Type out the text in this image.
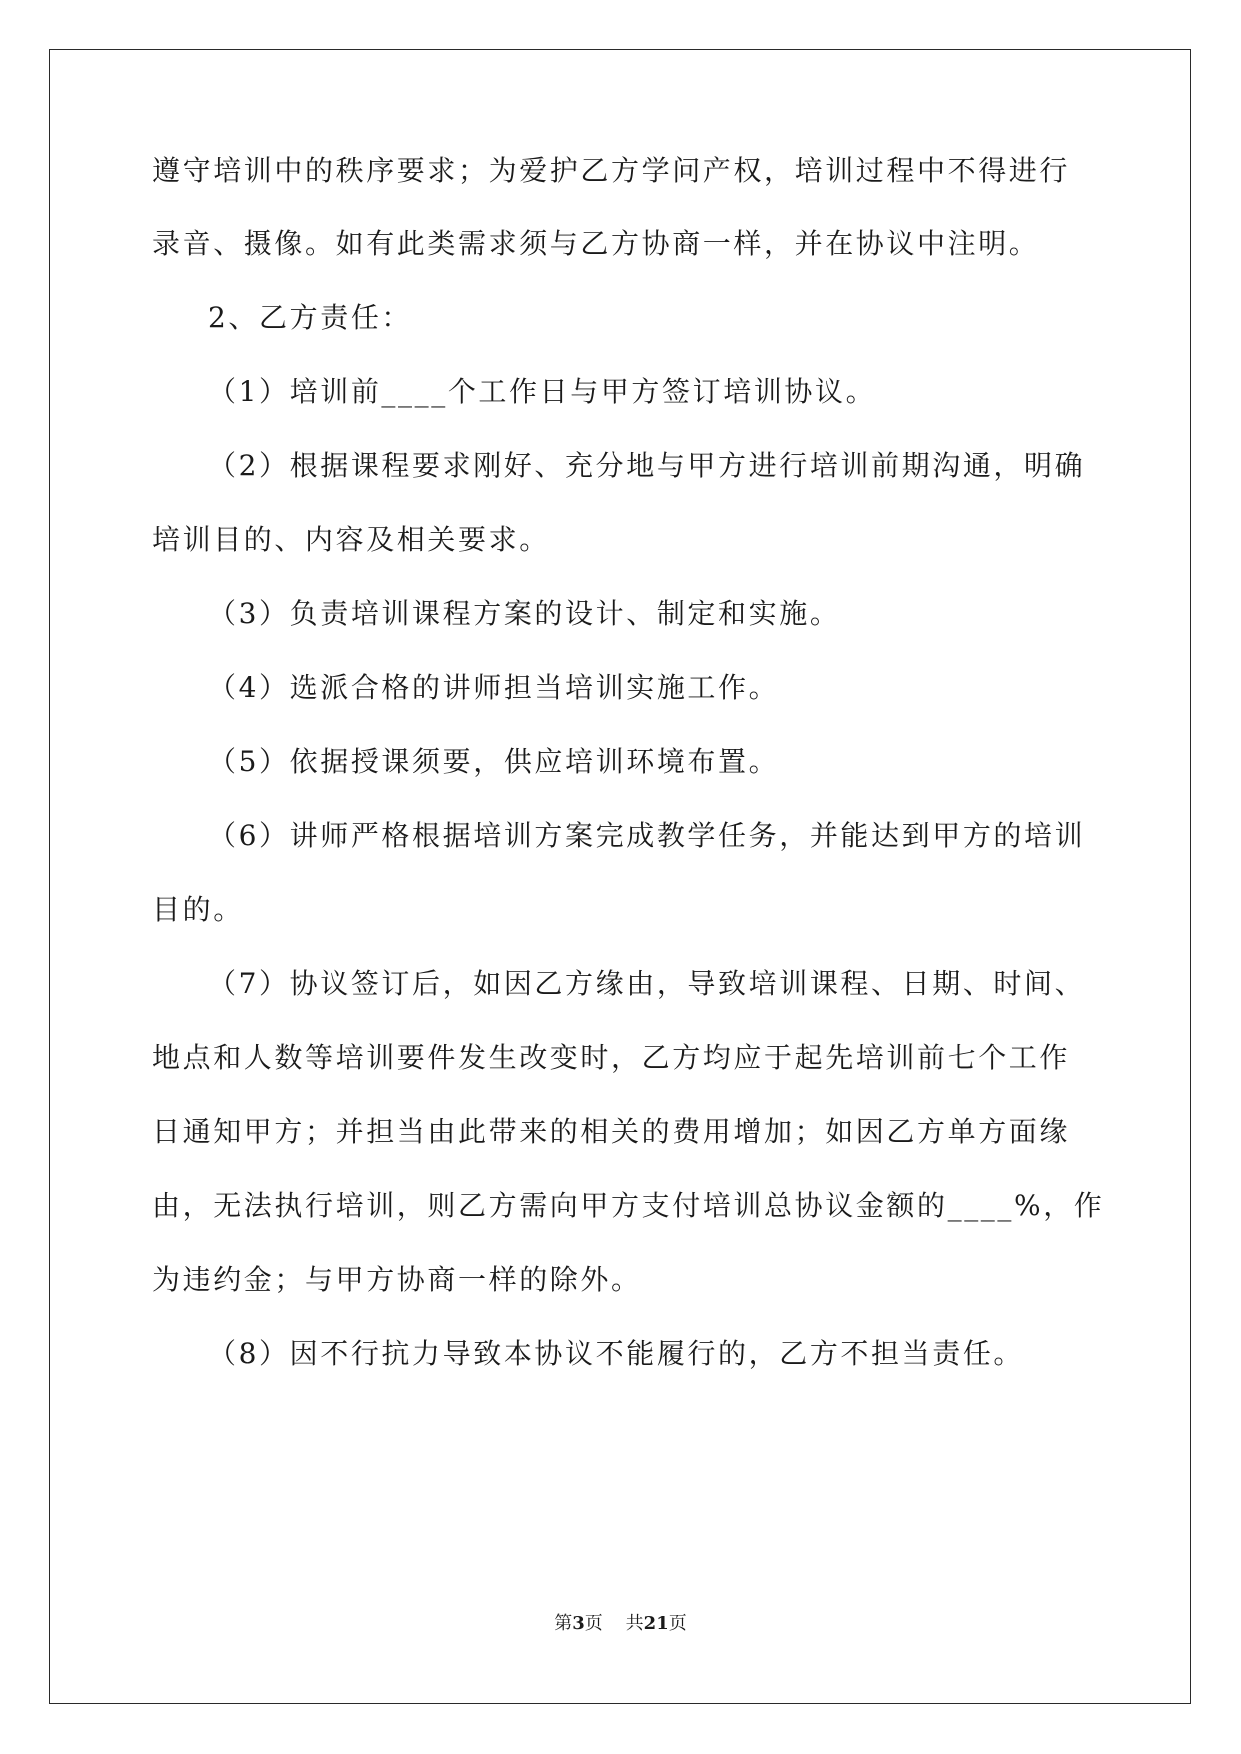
遵守培训中的秩序要求；为爱护乙方学问产权，培训过程中不得进行
录音、摄像。如有此类需求须与乙方协商一样，并在协议中注明。
2、乙方责任：
（1）培训前____个工作日与甲方签订培训协议。
（2）根据课程要求刚好、充分地与甲方进行培训前期沟通，明确
培训目的、内容及相关要求。
（3）负责培训课程方案的设计、制定和实施。
（4）选派合格的讲师担当培训实施工作。
（5）依据授课须要，供应培训环境布置。
（6）讲师严格根据培训方案完成教学任务，并能达到甲方的培训
目的。
（7）协议签订后，如因乙方缘由，导致培训课程、日期、时间、
地点和人数等培训要件发生改变时，乙方均应于起先培训前七个工作
日通知甲方；并担当由此带来的相关的费用增加；如因乙方单方面缘
由，无法执行培训，则乙方需向甲方支付培训总协议金额的____%，作
为违约金；与甲方协商一样的除外。
（8）因不行抗力导致本协议不能履行的，乙方不担当责任。
第3页 共21页
